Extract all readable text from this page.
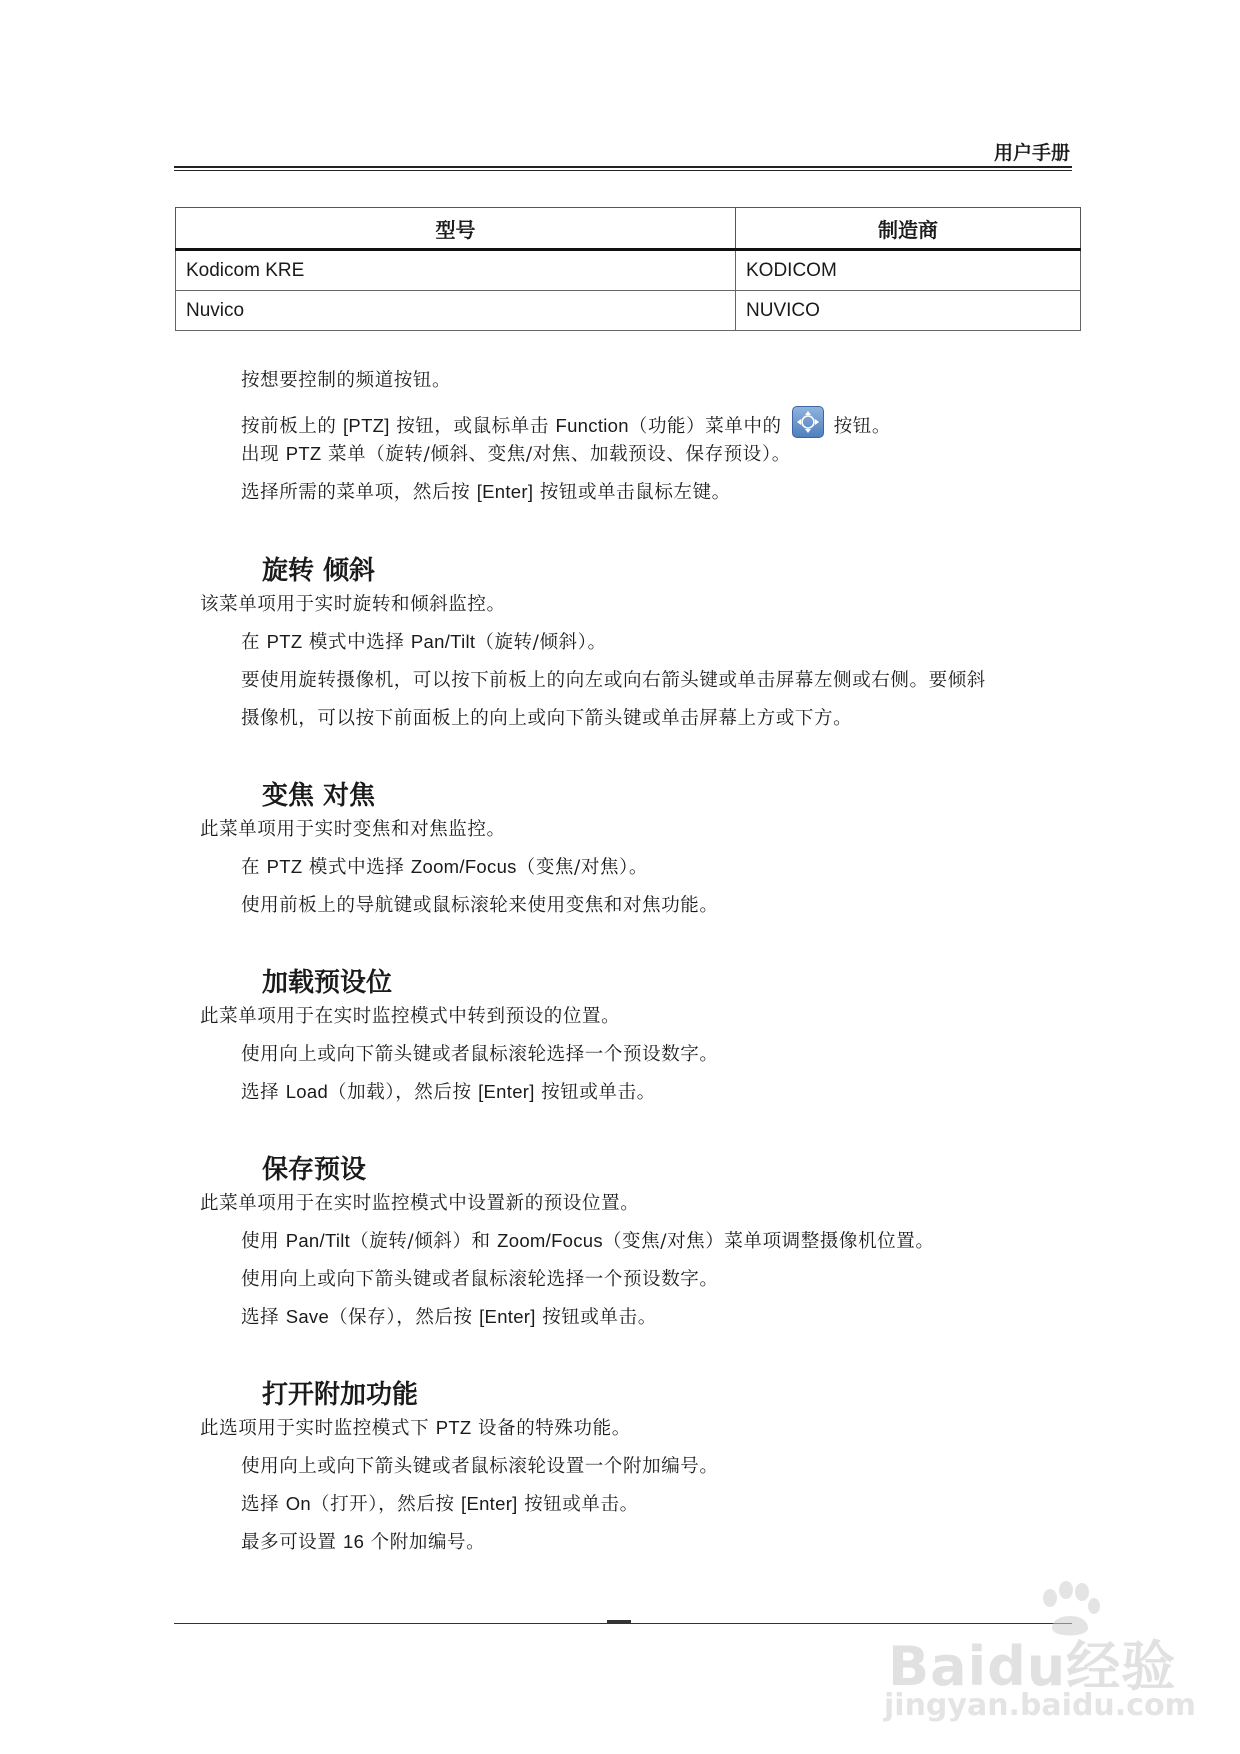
用户手册
型号	制造商
Kodicom KRE	KODICOM
Nuvico	NUVICO
按想要控制的频道按钮。
按前板上的 [PTZ] 按钮，或鼠标单击 Function（功能）菜单中的	按钮。
出现 PTZ 菜单（旋转/倾斜、变焦/对焦、加载预设、保存预设）。
选择所需的菜单项，然后按 [Enter] 按钮或单击鼠标左键。
旋转 倾斜
该菜单项用于实时旋转和倾斜监控。
在 PTZ 模式中选择 Pan/Tilt（旋转/倾斜）。
要使用旋转摄像机，可以按下前板上的向左或向右箭头键或单击屏幕左侧或右侧。要倾斜
摄像机，可以按下前面板上的向上或向下箭头键或单击屏幕上方或下方。
变焦 对焦
此菜单项用于实时变焦和对焦监控。
在 PTZ 模式中选择 Zoom/Focus（变焦/对焦）。
使用前板上的导航键或鼠标滚轮来使用变焦和对焦功能。
加载预设位
此菜单项用于在实时监控模式中转到预设的位置。
使用向上或向下箭头键或者鼠标滚轮选择一个预设数字。
选择 Load（加载），然后按 [Enter] 按钮或单击。
保存预设
此菜单项用于在实时监控模式中设置新的预设位置。
使用 Pan/Tilt（旋转/倾斜）和 Zoom/Focus（变焦/对焦）菜单项调整摄像机位置。
使用向上或向下箭头键或者鼠标滚轮选择一个预设数字。
选择 Save（保存），然后按 [Enter] 按钮或单击。
打开附加功能
此选项用于实时监控模式下 PTZ 设备的特殊功能。
使用向上或向下箭头键或者鼠标滚轮设置一个附加编号。
选择 On（打开），然后按 [Enter] 按钮或单击。
最多可设置 16 个附加编号。
Baidu经验
jingyan.baidu.com
